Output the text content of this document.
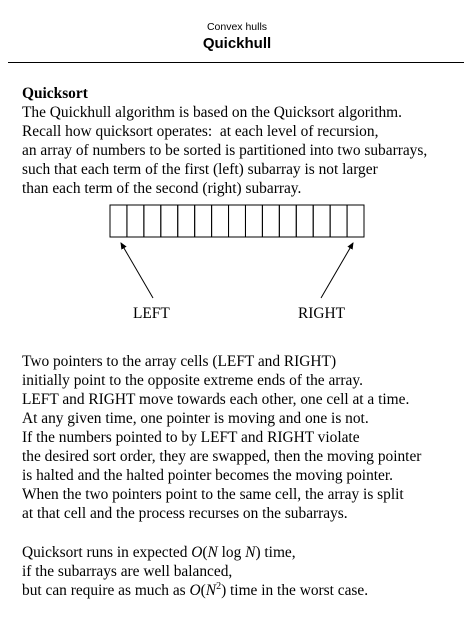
Convex hulls
Quickhull
Quicksort
The Quickhull algorithm is based on the Quicksort algorithm.
Recall how quicksort operates:  at each level of recursion,
an array of numbers to be sorted is partitioned into two subarrays,
such that each term of the first (left) subarray is not larger
than each term of the second (right) subarray.
LEFT	RIGHT
Two pointers to the array cells (LEFT and RIGHT)
initially point to the opposite extreme ends of the array.
LEFT and RIGHT move towards each other, one cell at a time.
At any given time, one pointer is moving and one is not.
If the numbers pointed to by LEFT and RIGHT violate
the desired sort order, they are swapped, then the moving pointer
is halted and the halted pointer becomes the moving pointer.
When the two pointers point to the same cell, the array is split
at that cell and the process recurses on the subarrays.
Quicksort runs in expected O(N log N) time,
if the subarrays are well balanced,
but can require as much as $O(N^2)$ time in the worst case.
